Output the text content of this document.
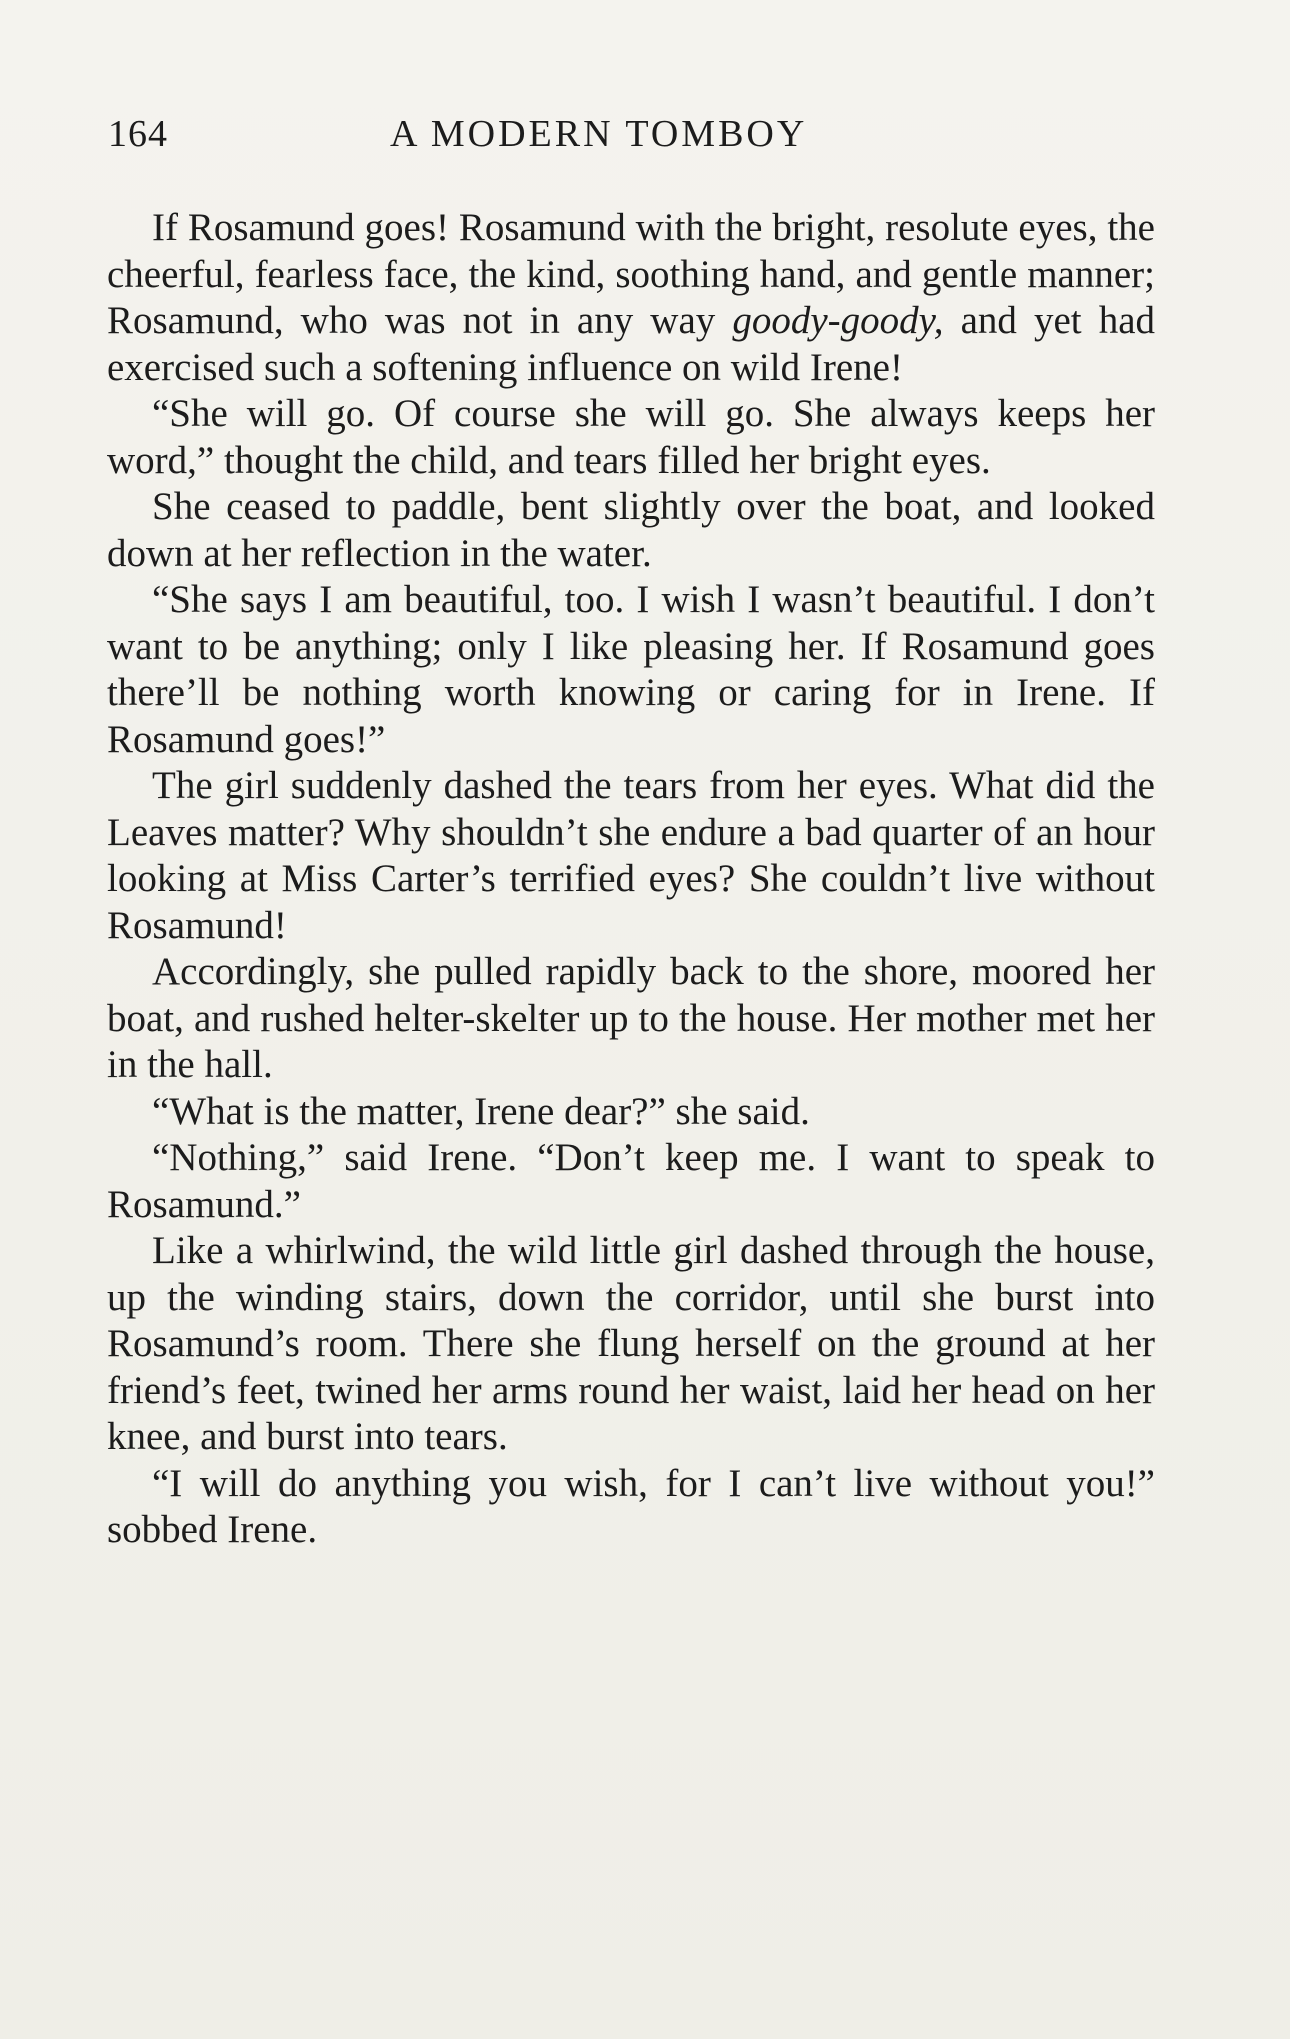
164	A MODERN TOMBOY

If Rosamund goes! Rosamund with the bright, resolute eyes, the cheerful, fearless face, the kind, soothing hand, and gentle manner; Rosamund, who was not in any way goody-goody, and yet had exercised such a softening influence on wild Irene!

“She will go. Of course she will go. She always keeps her word,” thought the child, and tears filled her bright eyes.

She ceased to paddle, bent slightly over the boat, and looked down at her reflection in the water.

“She says I am beautiful, too. I wish I wasn’t beautiful. I don’t want to be anything; only I like pleasing her. If Rosamund goes there’ll be nothing worth knowing or caring for in Irene. If Rosamund goes!”

The girl suddenly dashed the tears from her eyes. What did the Leaves matter? Why shouldn’t she endure a bad quarter of an hour looking at Miss Carter’s terrified eyes? She couldn’t live without Rosamund!

Accordingly, she pulled rapidly back to the shore, moored her boat, and rushed helter-skelter up to the house. Her mother met her in the hall.

“What is the matter, Irene dear?” she said.

“Nothing,” said Irene. “Don’t keep me. I want to speak to Rosamund.”

Like a whirlwind, the wild little girl dashed through the house, up the winding stairs, down the corridor, until she burst into Rosamund’s room. There she flung herself on the ground at her friend’s feet, twined her arms round her waist, laid her head on her knee, and burst into tears.

“I will do anything you wish, for I can’t live without you!” sobbed Irene.
